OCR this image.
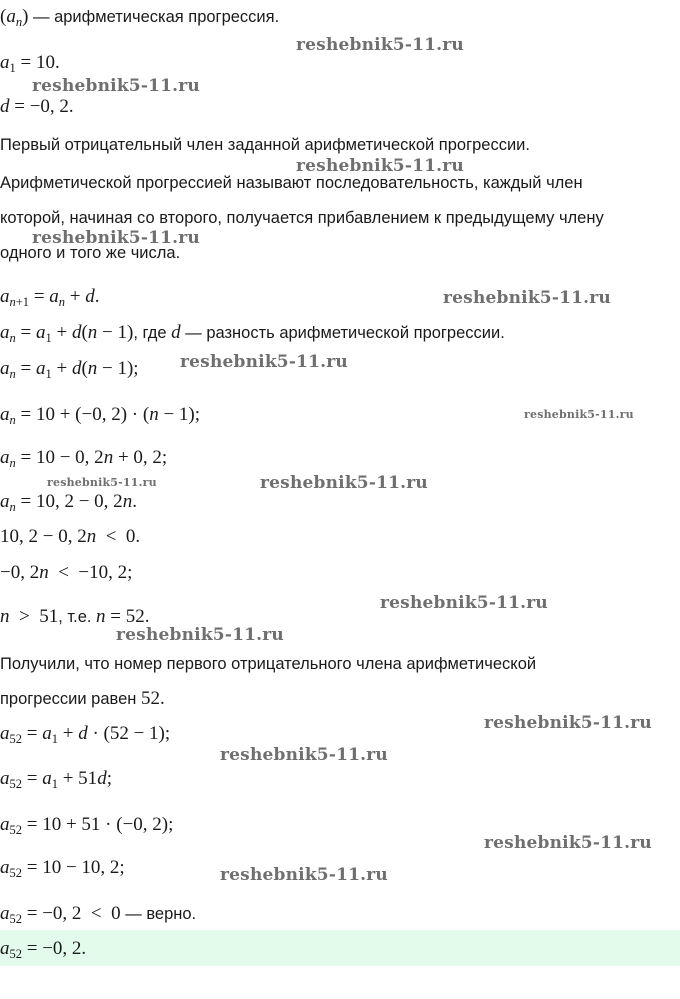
$(a_n)$ — арифметическая прогрессия.
$a_1 = 10$.
d = −0, 2.
Первый отрицательный член заданной арифметической прогрессии.
Арифметической прогрессией называют последовательность, каждый член
которой, начиная со второго, получается прибавлением к предыдущему члену
одного и того же числа.
$a_{n+1} = a_n + d$.
$a_n = a_1 + d(n - 1)$, где d — разность арифметической прогрессии.
$a_n = a_1 + d(n - 1)$;
$a_n = 10 + (-0$, 2) · (n − 1);
$a_n = 10 - 0$, 2n + 0, 2;
$a_n = 10$, 2 − 0, 2n.
10, 2 − 0, 2n  <  0.
−0, 2n  <  −10, 2;
n  >  51, т.е. n = 52.
Получили, что номер первого отрицательного члена арифметической
прогрессии равен 52.
$a_{52} = a_1 + d \cdot (52 - 1)$;
$a_{52} = a_1 + 51d$;
$a_{52} = 10 + 51 \cdot (-0$, 2);
$a_{52} = 10 - 10$, 2;
$a_{52} = -0$, 2  <  0 — верно.
$a_{52} = -0$, 2.
reshebnik5-11.ru
reshebnik5-11.ru
reshebnik5-11.ru
reshebnik5-11.ru
reshebnik5-11.ru
reshebnik5-11.ru
reshebnik5-11.ru
reshebnik5-11.ru	reshebnik5-11.ru
reshebnik5-11.ru
reshebnik5-11.ru
reshebnik5-11.ru
reshebnik5-11.ru
reshebnik5-11.ru
reshebnik5-11.ru
